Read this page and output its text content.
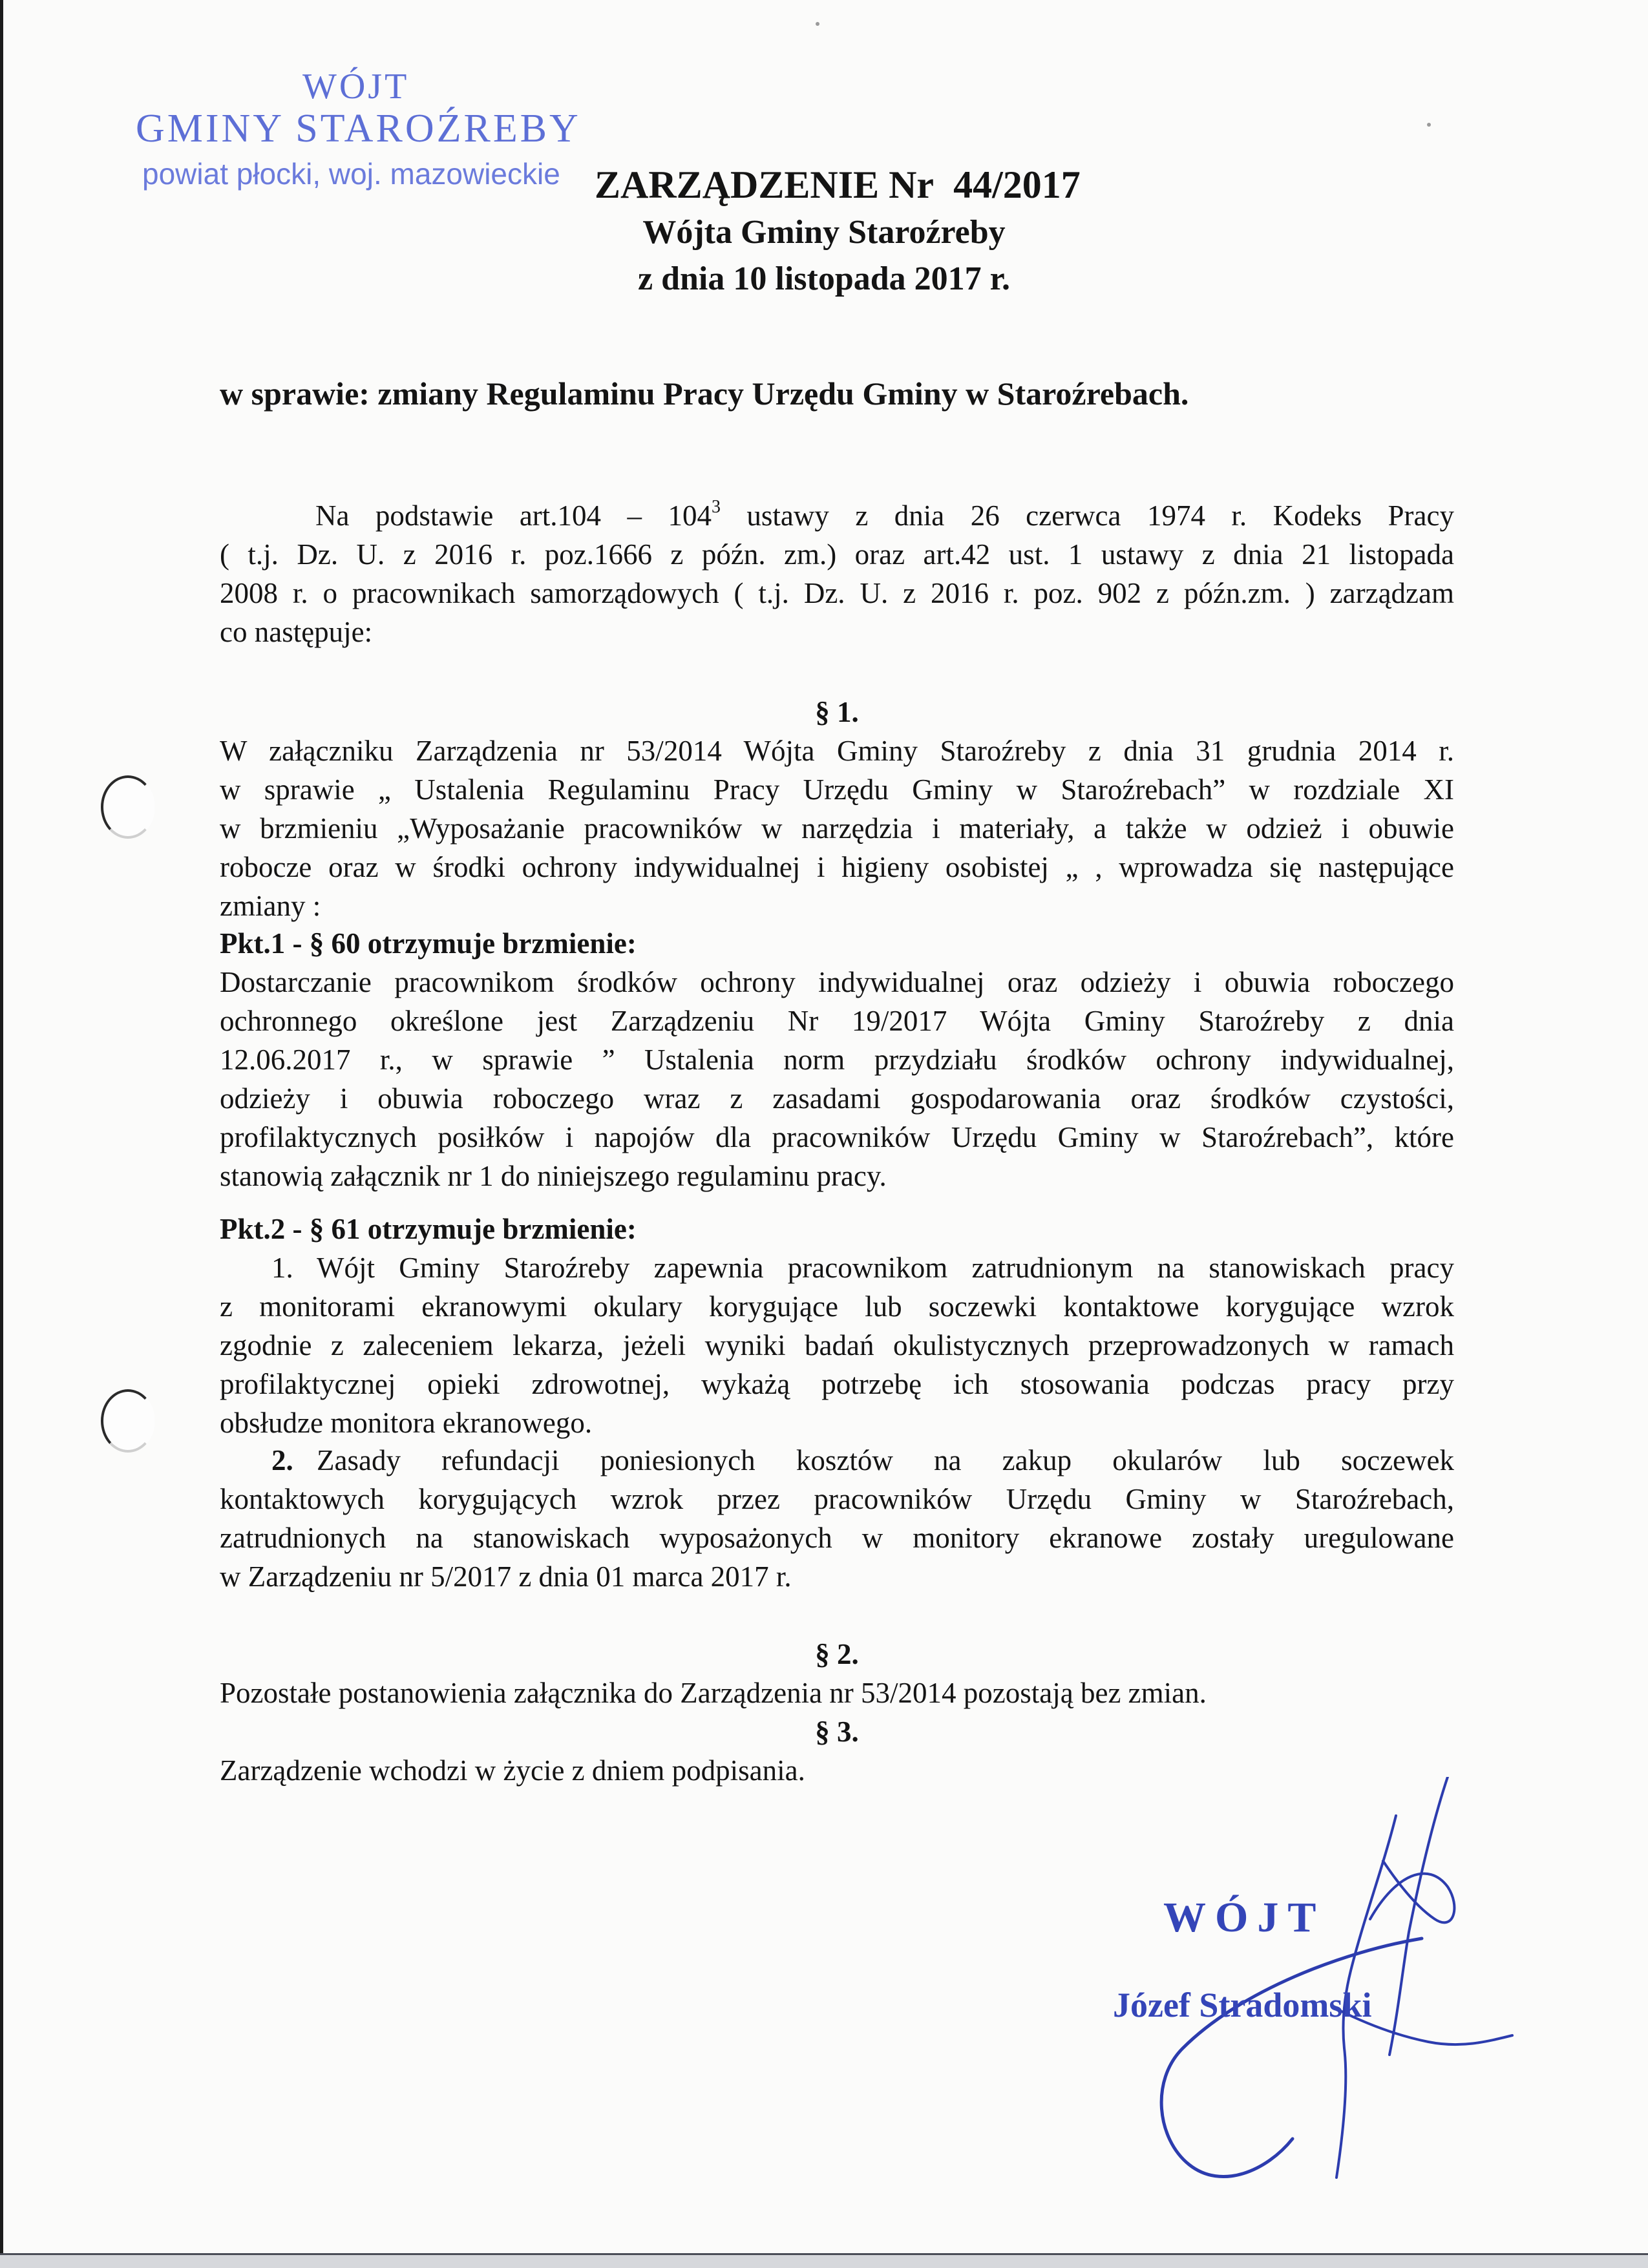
WÓJT
GMINY STAROŹREBY
powiat płocki, woj. mazowieckie ZARZĄDZENIE Nr 44/2017
Wójta Gminy Staroźreby
z dnia 10 listopada 2017 r.
w sprawie: zmiany Regulaminu Pracy Urzędu Gminy w Staroźrebach.
Na podstawie $art.104 - 104^3$ ustawy z dnia 26 czerwca 1974 r. Kodeks Pracy
( t.j. Dz. U. z 2016 r. poz.1666 z późn. zm.) oraz art.42 ust. 1 ustawy z dnia 21 listopada
2008 r. o pracownikach samorządowych ( t.j. Dz. U. z 2016 r. poz. 902 z późn.zm. ) zarządzam
co następuje:
§ 1.
W załączniku Zarządzenia nr 53/2014 Wójta Gminy Staroźreby z dnia 31 grudnia 2014 r.
w sprawie „ Ustalenia Regulaminu Pracy Urzędu Gminy w Staroźrebach” w rozdziale XI
w brzmieniu „Wyposażanie pracowników w narzędzia i materiały, a także w odzież i obuwie
robocze oraz w środki ochrony indywidualnej i higieny osobistej „ , wprowadza się następujące
zmiany :
Pkt.1 - § 60 otrzymuje brzmienie:
Dostarczanie pracownikom środków ochrony indywidualnej oraz odzieży i obuwia roboczego
ochronnego określone jest Zarządzeniu Nr 19/2017 Wójta Gminy Staroźreby z dnia
12.06.2017 r., w sprawie ” Ustalenia norm przydziału środków ochrony indywidualnej,
odzieży i obuwia roboczego wraz z zasadami gospodarowania oraz środków czystości,
profilaktycznych posiłków i napojów dla pracowników Urzędu Gminy w Staroźrebach”, które
stanowią załącznik nr 1 do niniejszego regulaminu pracy.
Pkt.2 - § 61 otrzymuje brzmienie:
1. Wójt Gminy Staroźreby zapewnia pracownikom zatrudnionym na stanowiskach pracy
z monitorami ekranowymi okulary korygujące lub soczewki kontaktowe korygujące wzrok
zgodnie z zaleceniem lekarza, jeżeli wyniki badań okulistycznych przeprowadzonych w ramach
profilaktycznej opieki zdrowotnej, wykażą potrzebę ich stosowania podczas pracy przy
obsłudze monitora ekranowego.
2. Zasady refundacji poniesionych kosztów na zakup okularów lub soczewek
kontaktowych korygujących wzrok przez pracowników Urzędu Gminy w Staroźrebach,
zatrudnionych na stanowiskach wyposażonych w monitory ekranowe zostały uregulowane
w Zarządzeniu nr 5/2017 z dnia 01 marca 2017 r.
§ 2.
Pozostałe postanowienia załącznika do Zarządzenia nr 53/2014 pozostają bez zmian.
§ 3.
Zarządzenie wchodzi w życie z dniem podpisania.
WÓJT
Józef Stradomski
